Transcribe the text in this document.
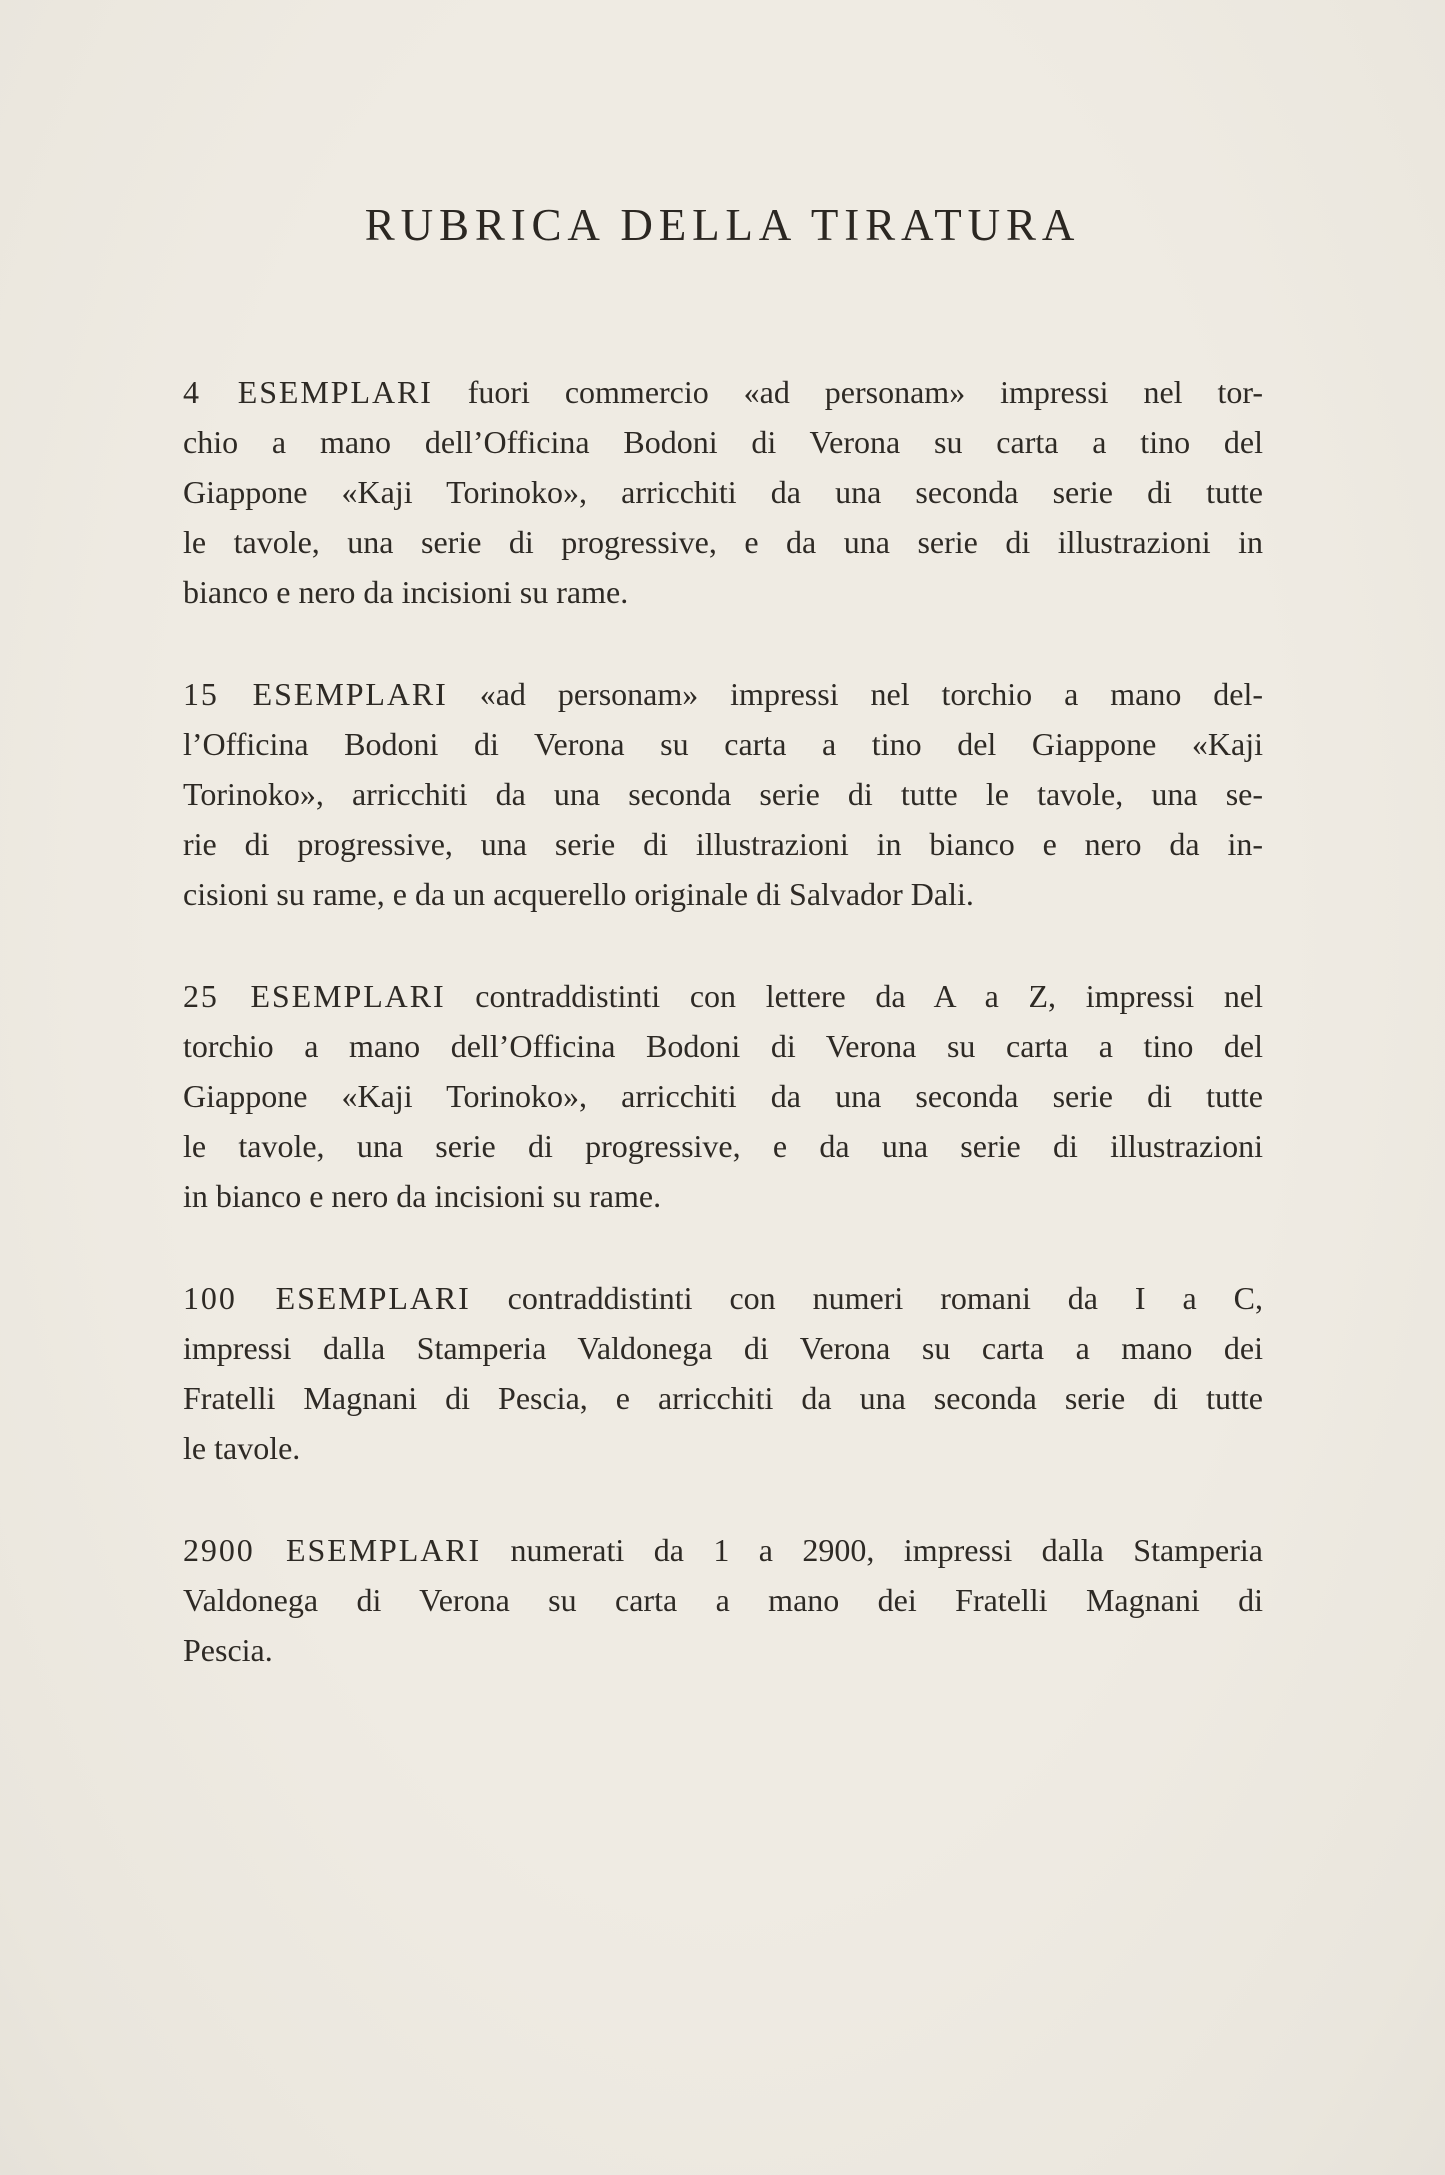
RUBRICA DELLA TIRATURA
4 ESEMPLARI fuori commercio «ad personam» impressi nel tor-
chio a mano dell’Officina Bodoni di Verona su carta a tino del
Giappone «Kaji Torinoko», arricchiti da una seconda serie di tutte
le tavole, una serie di progressive, e da una serie di illustrazioni in
bianco e nero da incisioni su rame.
15 ESEMPLARI «ad personam» impressi nel torchio a mano del-
l’Officina Bodoni di Verona su carta a tino del Giappone «Kaji
Torinoko», arricchiti da una seconda serie di tutte le tavole, una se-
rie di progressive, una serie di illustrazioni in bianco e nero da in-
cisioni su rame, e da un acquerello originale di Salvador Dali.
25 ESEMPLARI contraddistinti con lettere da A a Z, impressi nel
torchio a mano dell’Officina Bodoni di Verona su carta a tino del
Giappone «Kaji Torinoko», arricchiti da una seconda serie di tutte
le tavole, una serie di progressive, e da una serie di illustrazioni
in bianco e nero da incisioni su rame.
100 ESEMPLARI contraddistinti con numeri romani da I a C,
impressi dalla Stamperia Valdonega di Verona su carta a mano dei
Fratelli Magnani di Pescia, e arricchiti da una seconda serie di tutte
le tavole.
2900 ESEMPLARI numerati da 1 a 2900, impressi dalla Stamperia
Valdonega di Verona su carta a mano dei Fratelli Magnani di
Pescia.
